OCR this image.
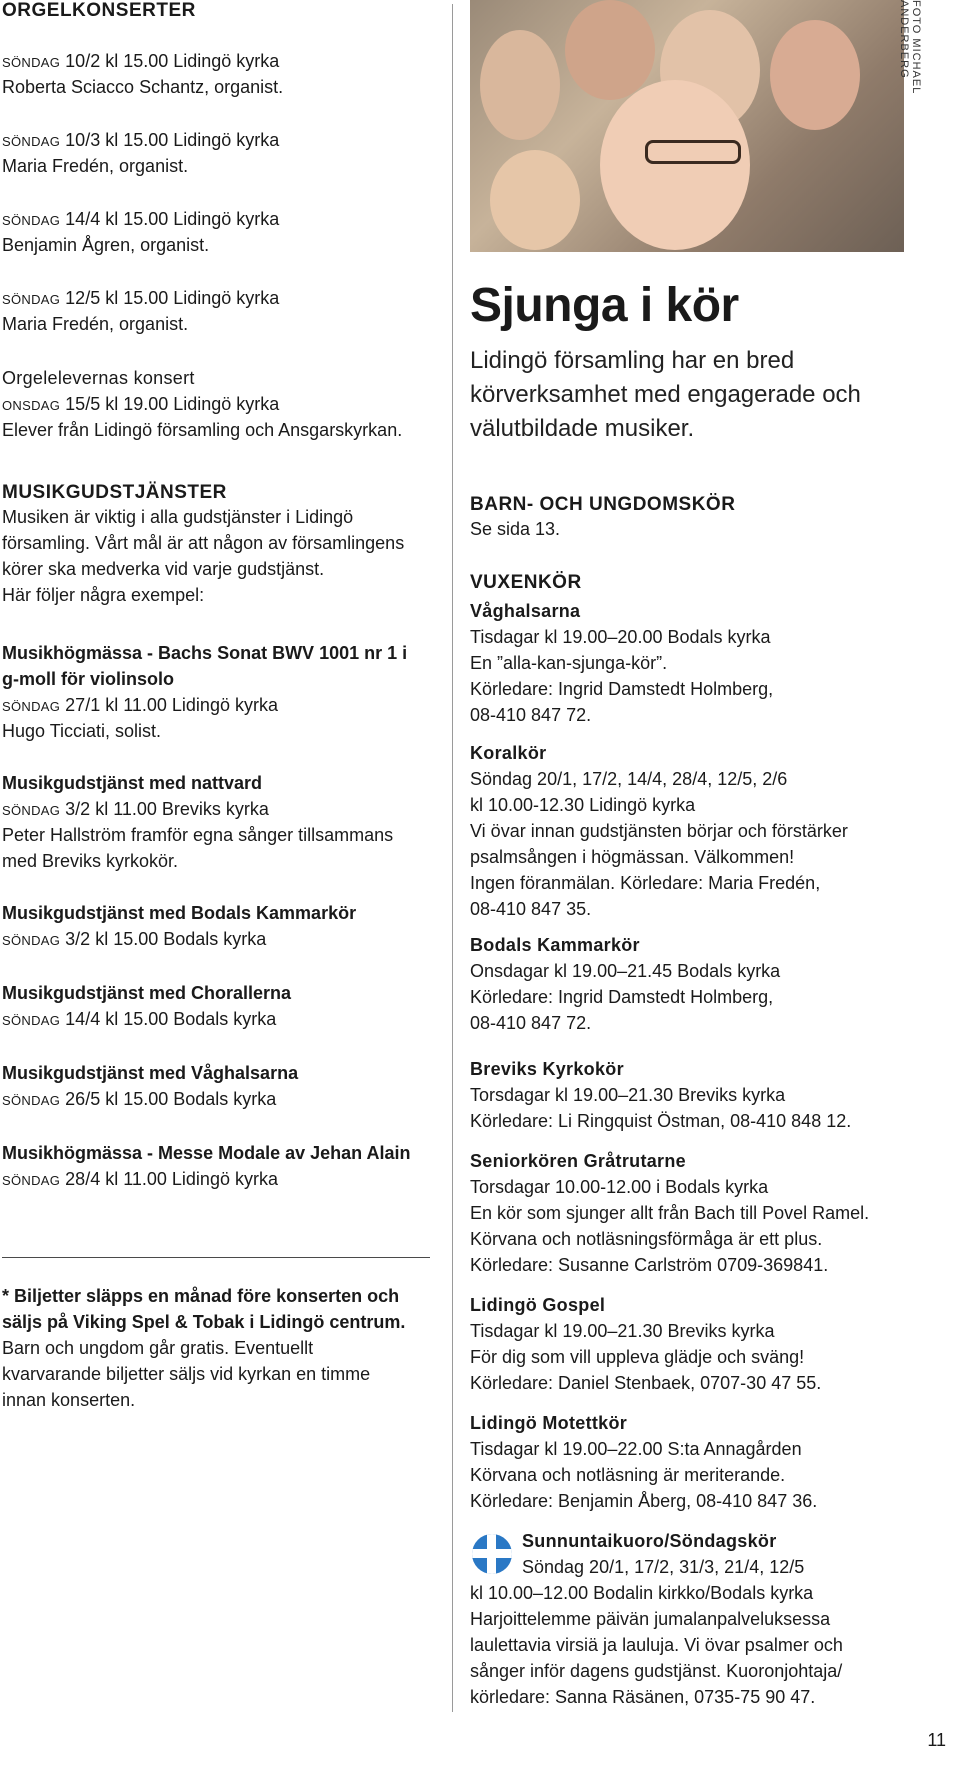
ORGELKONSERTER

söndag 10/2 kl 15.00 Lidingö kyrka

Roberta Sciacco Schantz, organist.

söndag 10/3 kl 15.00 Lidingö kyrka

Maria Fredén, organist.

söndag 14/4 kl 15.00 Lidingö kyrka

Benjamin Ågren, organist.

söndag 12/5 kl 15.00 Lidingö kyrka

Maria Fredén, organist.

Orgelelevernas konsert

onsdag 15/5 kl 19.00 Lidingö kyrka

Elever från Lidingö församling och Ansgarskyrkan.

MUSIKGUDSTJÄNSTER

Musiken är viktig i alla gudstjänster i Lidingö

församling. Vårt mål är att någon av församlingens

körer ska medverka vid varje gudstjänst.

Här följer några exempel:

Musikhögmässa - Bachs Sonat BWV 1001 nr 1 i

g-moll för violinsolo

söndag 27/1 kl 11.00 Lidingö kyrka

Hugo Ticciati, solist.

Musikgudstjänst med nattvard

söndag 3/2 kl 11.00 Breviks kyrka

Peter Hallström framför egna sånger tillsammans

med Breviks kyrkokör.

Musikgudstjänst med Bodals Kammarkör

söndag 3/2 kl 15.00 Bodals kyrka

Musikgudstjänst med Chorallerna

söndag 14/4 kl 15.00 Bodals kyrka

Musikgudstjänst med Våghalsarna

söndag 26/5 kl 15.00 Bodals kyrka

Musikhögmässa - Messe Modale av Jehan Alain

söndag 28/4 kl 11.00 Lidingö kyrka

* Biljetter släpps en månad före konserten och

säljs på Viking Spel & Tobak i Lidingö centrum.

Barn och ungdom går gratis. Eventuellt

kvarvarande biljetter säljs vid kyrkan en timme

innan konserten.

FOTO MICHAEL ANDERBERG
Sjunga i kör

Lidingö församling har en bred

körverksamhet med engagerade och

välutbildade musiker.

BARN- OCH UNGDOMSKÖR

Se sida 13.

VUXENKÖR

Våghalsarna

Tisdagar kl 19.00–20.00 Bodals kyrka

En ”alla-kan-sjunga-kör”.

Körledare: Ingrid Damstedt Holmberg,

08-410 847 72.

Koralkör

Söndag 20/1, 17/2, 14/4, 28/4, 12/5, 2/6

kl 10.00-12.30 Lidingö kyrka

Vi övar innan gudstjänsten börjar och förstärker

psalmsången i högmässan. Välkommen!

Ingen föranmälan. Körledare: Maria Fredén,

08-410 847 35.

Bodals Kammarkör

Onsdagar kl 19.00–21.45 Bodals kyrka

Körledare: Ingrid Damstedt Holmberg,

08-410 847 72.

Breviks Kyrkokör

Torsdagar kl 19.00–21.30 Breviks kyrka

Körledare: Li Ringquist Östman, 08-410 848 12.

Seniorkören Gråtrutarne

Torsdagar 10.00-12.00 i Bodals kyrka

En kör som sjunger allt från Bach till Povel Ramel.

Körvana och notläsningsförmåga är ett plus.

Körledare: Susanne Carlström 0709-369841.

Lidingö Gospel

Tisdagar kl 19.00–21.30 Breviks kyrka

För dig som vill uppleva glädje och sväng!

Körledare: Daniel Stenbaek, 0707-30 47 55.

Lidingö Motettkör

Tisdagar kl 19.00–22.00 S:ta Annagården

Körvana och notläsning är meriterande.

Körledare: Benjamin Åberg, 08-410 847 36.

Sunnuntaikuoro/Söndagskör

Söndag 20/1, 17/2, 31/3, 21/4, 12/5

kl 10.00–12.00 Bodalin kirkko/Bodals kyrka

Harjoittelemme päivän jumalanpalveluksessa

laulettavia virsiä ja lauluja. Vi övar psalmer och

sånger inför dagens gudstjänst. Kuoronjohtaja/

körledare: Sanna Räsänen, 0735-75 90 47.

11
